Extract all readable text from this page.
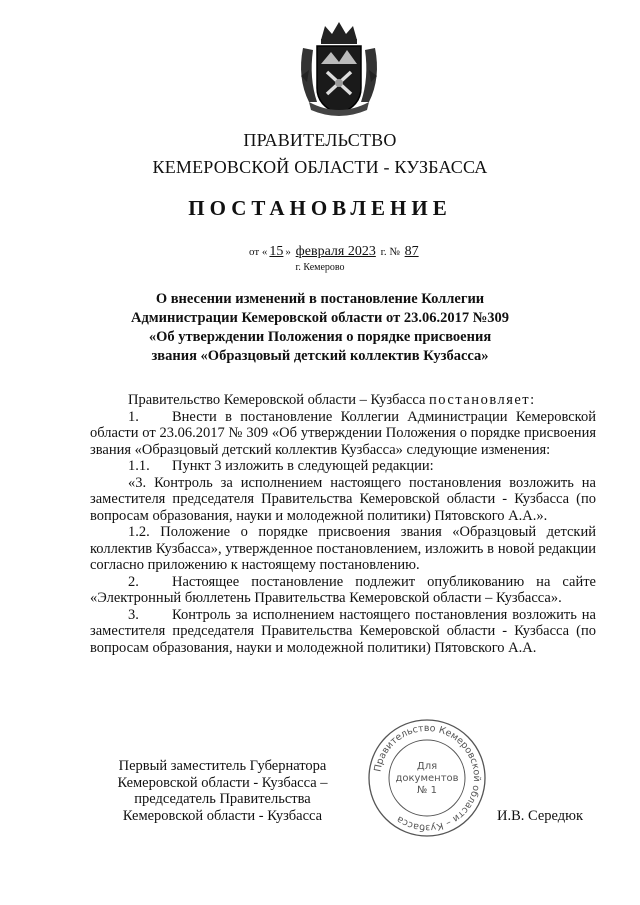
ПРАВИТЕЛЬСТВО
КЕМЕРОВСКОЙ ОБЛАСТИ - КУЗБАССА
ПОСТАНОВЛЕНИЕ
от « 15 » февраля 2023 г. № 87
г. Кемерово
О внесении изменений в постановление Коллегии Администрации Кемеровской области от 23.06.2017 №309 «Об утверждении Положения о порядке присвоения звания «Образцовый детский коллектив Кузбасса»

Правительство Кемеровской области – Кузбасса постановляет:

1. Внести в постановление Коллегии Администрации Кемеровской области от 23.06.2017 № 309 «Об утверждении Положения о порядке присвоения звания «Образцовый детский коллектив Кузбасса» следующие изменения:

1.1. Пункт 3 изложить в следующей редакции:

«3. Контроль за исполнением настоящего постановления возложить на заместителя председателя Правительства Кемеровской области - Кузбасса (по вопросам образования, науки и молодежной политики) Пятовского А.А.».

1.2. Положение о порядке присвоения звания «Образцовый детский коллектив Кузбасса», утвержденное постановлением, изложить в новой редакции согласно приложению к настоящему постановлению.

2. Настоящее постановление подлежит опубликованию на сайте «Электронный бюллетень Правительства Кемеровской области – Кузбасса».

3. Контроль за исполнением настоящего постановления возложить на заместителя председателя Правительства Кемеровской области - Кузбасса (по вопросам образования, науки и молодежной политики) Пятовского А.А.

Первый заместитель Губернатора
Кемеровской области - Кузбасса –
председатель Правительства
Кемеровской области - Кузбасса
Правительство Кемеровской области – Кузбасса
Для
документов
№ 1
И.В. Середюк
